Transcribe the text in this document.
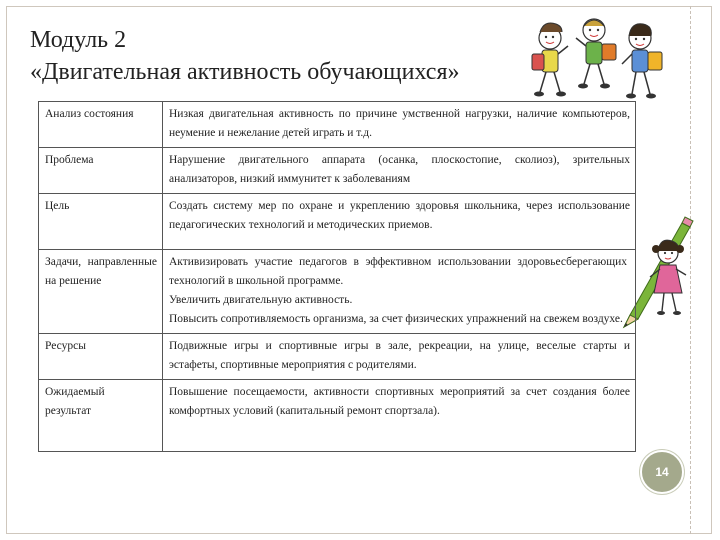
Модуль 2
«Двигательная активность обучающихся»
Анализ состояния	Низкая двигательная активность по причине умственной нагрузки, наличие компьютеров, неумение и нежелание детей играть и т.д.

Проблема	Нарушение двигательного аппарата (осанка, плоскостопие, сколиоз), зрительных анализаторов, низкий иммунитет к заболеваниям

Цель	Создать систему мер по охране и укреплению здоровья школьника, через использование педагогических технологий и методических приемов.

Задачи, направленные на решение	Активизировать участие педагогов в эффективном использовании здоровьесберегающих технологий в школьной программе.
Увеличить двигательную активность.
Повысить сопротивляемость организма, за счет физических упражнений на свежем воздухе.

Ресурсы	Подвижные игры и спортивные игры в зале, рекреации, на улице, веселые старты и эстафеты, спортивные мероприятия с родителями.

Ожидаемый результат	Повышение посещаемости, активности спортивных мероприятий за счет создания более комфортных условий (капитальный ремонт спортзала).
14
